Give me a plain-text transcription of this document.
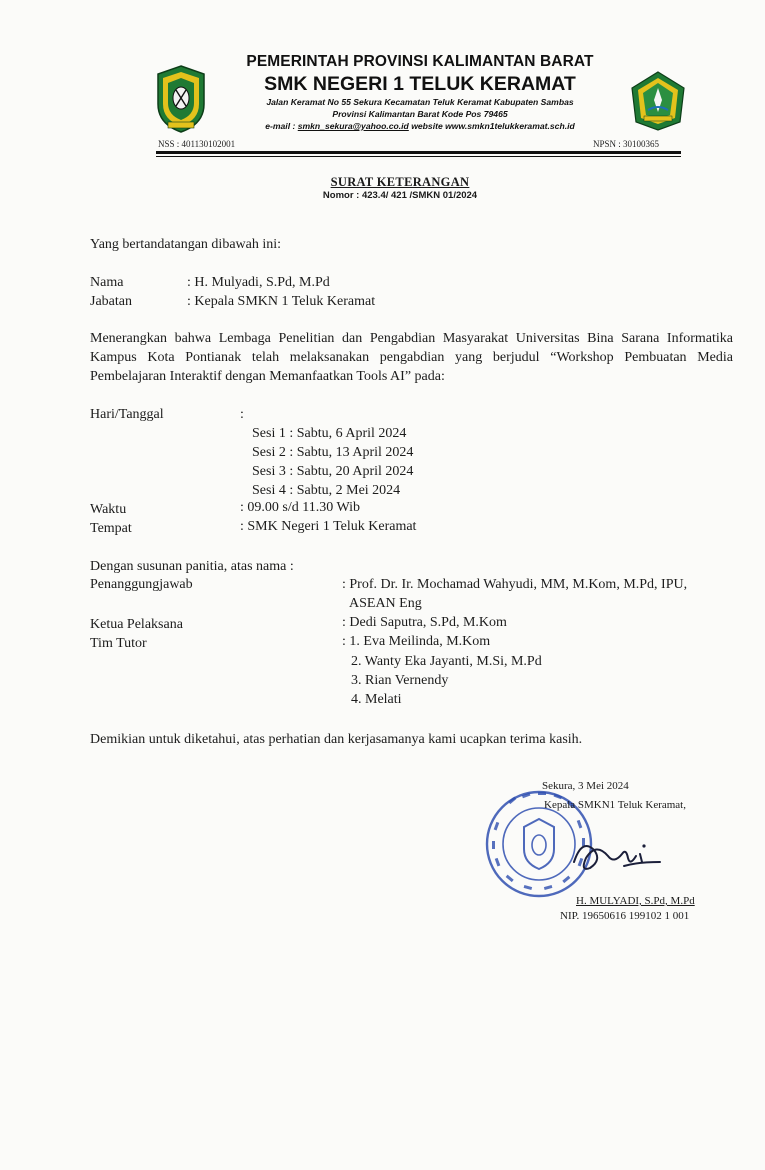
PEMERINTAH PROVINSI KALIMANTAN BARAT
SMK NEGERI 1 TELUK KERAMAT
Jalan Keramat No 55 Sekura Kecamatan Teluk Keramat Kabupaten Sambas
Provinsi Kalimantan Barat Kode Pos 79465
e-mail : smkn_sekura@yahoo.co.id website www.smkn1telukkeramat.sch.id
NSS : 401130102001	NPSN : 30100365
SURAT KETERANGAN
Nomor : 423.4/ 421 /SMKN 01/2024
Yang bertandatangan dibawah ini:
Nama	: H. Mulyadi, S.Pd, M.Pd
Jabatan	: Kepala SMKN 1 Teluk Keramat
Menerangkan bahwa Lembaga Penelitian dan Pengabdian Masyarakat Universitas Bina Sarana Informatika Kampus Kota Pontianak telah melaksanakan pengabdian yang berjudul “Workshop Pembuatan Media Pembelajaran Interaktif dengan Memanfaatkan Tools AI” pada:
Hari/Tanggal	:
Sesi 1 : Sabtu, 6 April 2024
Sesi 2 : Sabtu, 13 April 2024
Sesi 3 : Sabtu, 20 April 2024
Sesi 4 : Sabtu, 2 Mei 2024
Waktu	: 09.00 s/d 11.30 Wib
Tempat	: SMK Negeri 1 Teluk Keramat
Dengan susunan panitia, atas nama :
Penanggungjawab	: Prof. Dr. Ir. Mochamad Wahyudi, MM, M.Kom, M.Pd, IPU,
ASEAN Eng
Ketua Pelaksana	: Dedi Saputra, S.Pd, M.Kom
Tim Tutor	: 1. Eva Meilinda, M.Kom
2. Wanty Eka Jayanti, M.Si, M.Pd
3. Rian Vernendy
4. Melati
Demikian untuk diketahui, atas perhatian dan kerjasamanya kami ucapkan terima kasih.
Sekura, 3 Mei 2024
Kepala SMKN1 Teluk Keramat,
H. MULYADI, S.Pd, M.Pd
NIP. 19650616 199102 1 001
